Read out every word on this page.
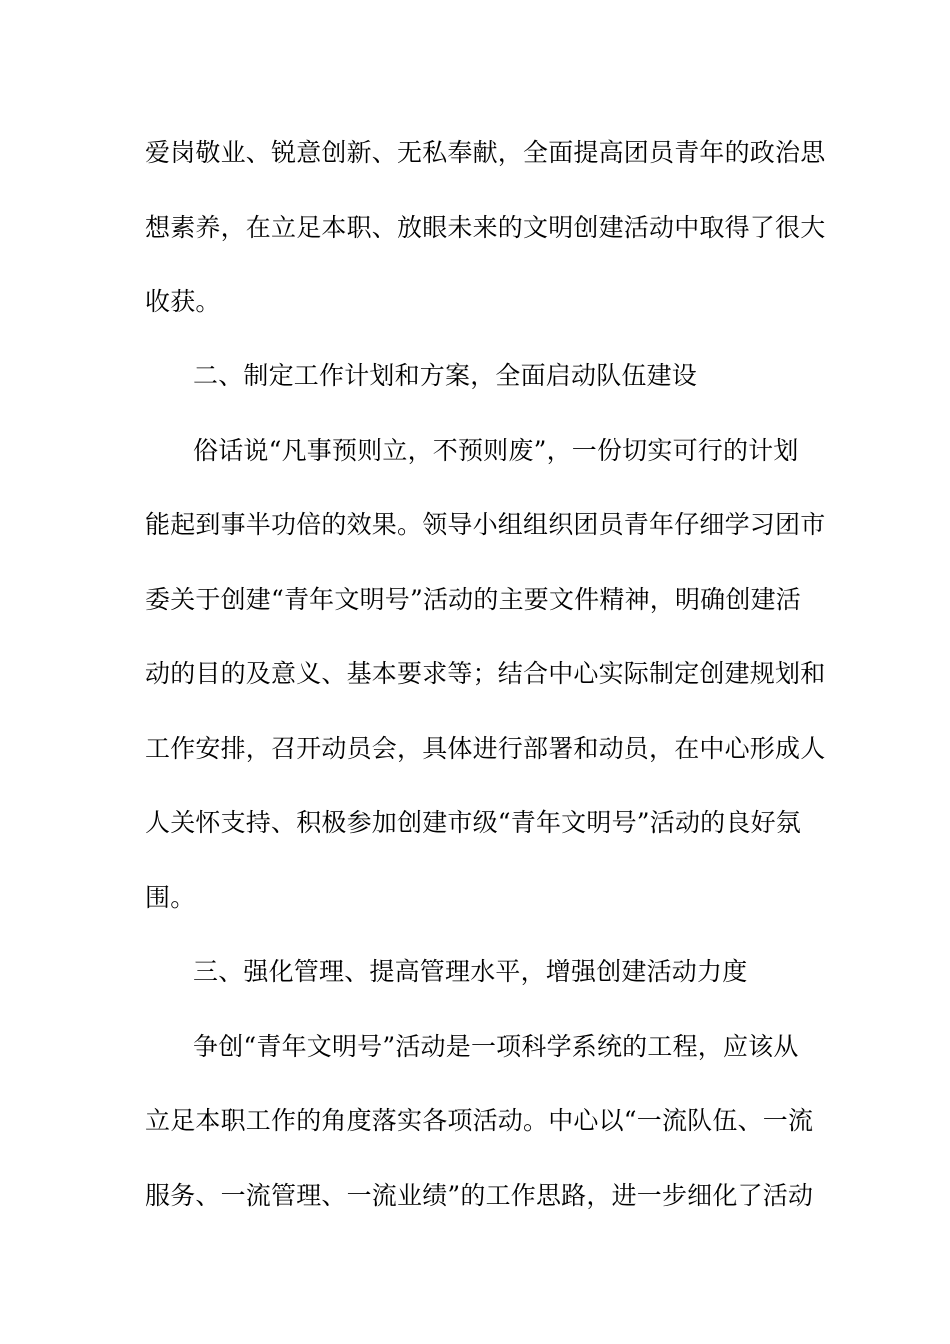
爱岗敬业、锐意创新、无私奉献，全面提高团员青年的政治思
想素养，在立足本职、放眼未来的文明创建活动中取得了很大
收获。
二、制定工作计划和方案，全面启动队伍建设
俗话说“凡事预则立，不预则废”，一份切实可行的计划
能起到事半功倍的效果。领导小组组织团员青年仔细学习团市
委关于创建“青年文明号”活动的主要文件精神，明确创建活
动的目的及意义、基本要求等；结合中心实际制定创建规划和
工作安排，召开动员会，具体进行部署和动员，在中心形成人
人关怀支持、积极参加创建市级“青年文明号”活动的良好氛
围。
三、强化管理、提高管理水平，增强创建活动力度
争创“青年文明号”活动是一项科学系统的工程，应该从
立足本职工作的角度落实各项活动。中心以“一流队伍、一流
服务、一流管理、一流业绩”的工作思路，进一步细化了活动
